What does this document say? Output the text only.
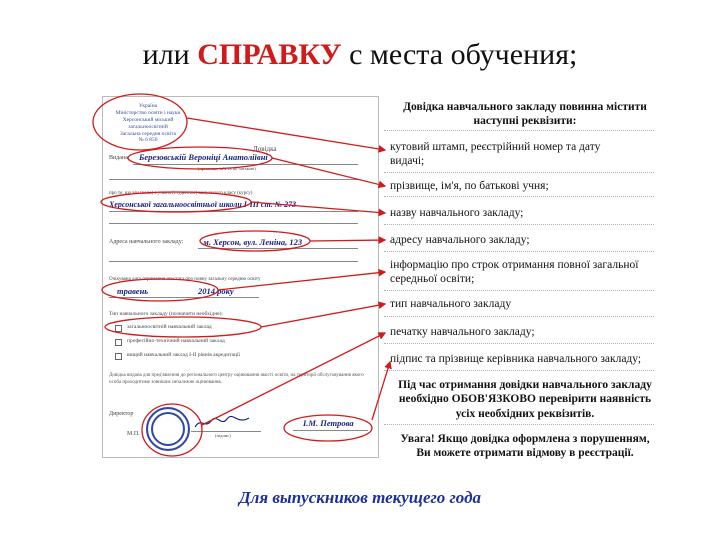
или СПРАВКУ с места обучения;
Україна
Міністерство освіти і науки
Херсонський міський
загальноосвітній
Загальна середня освіта
№ 6 856
Довідка
Видана Березовській Вероніці Анатоліївні
(прізвище, ім'я та по батькові)
про те, що він (вона) є учнем (студентом) випускного класу (курсу)
Херсонської загальноосвітньої школи І-ІІІ ст. № 273
Адреса навчального закладу: м. Херсон, вул. Леніна, 123
Очікувана дата отримання атестата про повну загальну середню освіту
травень	2014 року
Тип навчального закладу (позначити необхідне):
загальноосвітній навчальний заклад
професійно-технічний навчальний заклад
вищий навчальний заклад І-ІІ рівнів акредитації
Довідка видана для пред'явлення до регіонального центру оцінювання якості освіти, на території обслуговування якого особа проходитиме зовнішнє незалежне оцінювання.
Директор
М.П.	(підпис)
І.М. Петрова
Довідка навчального закладу повинна містити
наступні реквізити:
кутовий штамп, реєстрійний номер та дату
видачі;
прізвище, ім'я, по батькові учня;
назву навчального закладу;
адресу навчального закладу;
інформацію про строк отримання повної загальної
середньої освіти;
тип навчального закладу
печатку навчального закладу;
підпис та прізвище керівника навчального закладу;
Під час отримання довідки навчального закладу
необхідно ОБОВ'ЯЗКОВО перевірити наявність
усіх необхідних реквізитів.
Увага! Якщо довідка оформлена з порушенням,
Ви можете отримати відмову в реєстрації.
Для выпускников текущего года
